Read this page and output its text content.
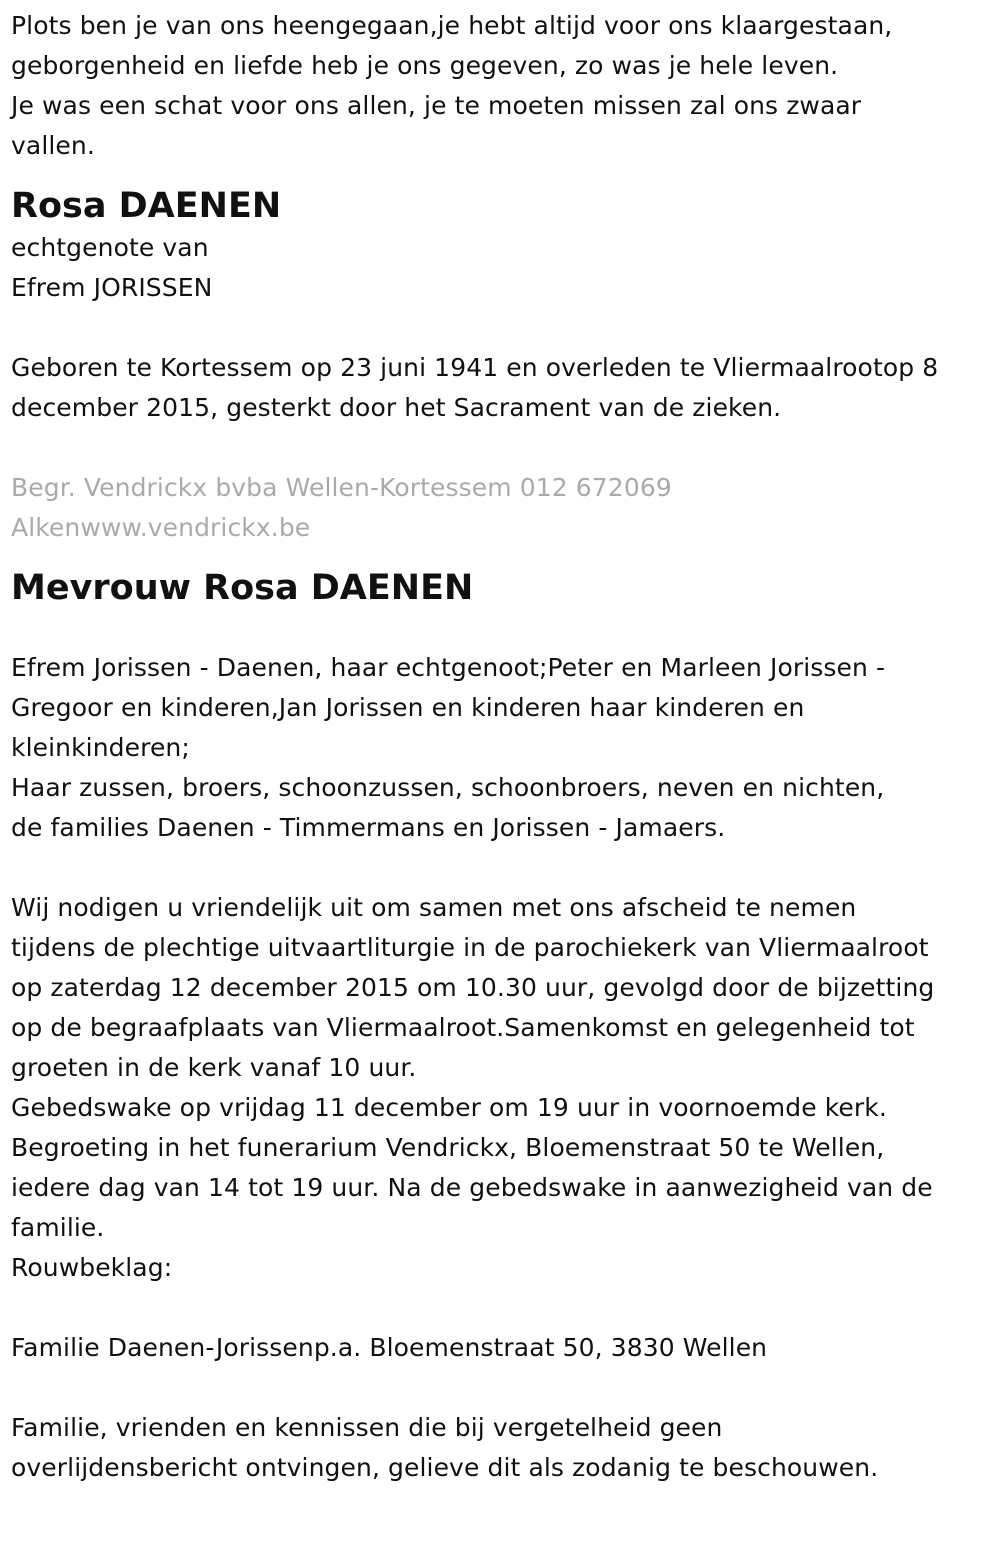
Plots ben je van ons heengegaan,je hebt altijd voor ons klaargestaan,
geborgenheid en liefde heb je ons gegeven, zo was je hele leven.
Je was een schat voor ons allen, je te moeten missen zal ons zwaar
vallen.

Rosa DAENEN

echtgenote van
Efrem JORISSEN

Geboren te Kortessem op 23 juni 1941 en overleden te Vliermaalrootop 8
december 2015, gesterkt door het Sacrament van de zieken.

Begr. Vendrickx bvba Wellen-Kortessem 012 672069
Alkenwww.vendrickx.be

Mevrouw Rosa DAENEN

Efrem Jorissen - Daenen, haar echtgenoot;Peter en Marleen Jorissen -
Gregoor en kinderen,Jan Jorissen en kinderen haar kinderen en
kleinkinderen;
Haar zussen, broers, schoonzussen, schoonbroers, neven en nichten,
de families Daenen - Timmermans en Jorissen - Jamaers.

Wij nodigen u vriendelijk uit om samen met ons afscheid te nemen
tijdens de plechtige uitvaartliturgie in de parochiekerk van Vliermaalroot
op zaterdag 12 december 2015 om 10.30 uur, gevolgd door de bijzetting
op de begraafplaats van Vliermaalroot.Samenkomst en gelegenheid tot
groeten in de kerk vanaf 10 uur.
Gebedswake op vrijdag 11 december om 19 uur in voornoemde kerk.
Begroeting in het funerarium Vendrickx, Bloemenstraat 50 te Wellen,
iedere dag van 14 tot 19 uur. Na de gebedswake in aanwezigheid van de
familie.
Rouwbeklag:

Familie Daenen-Jorissenp.a. Bloemenstraat 50, 3830 Wellen

Familie, vrienden en kennissen die bij vergetelheid geen
overlijdensbericht ontvingen, gelieve dit als zodanig te beschouwen.
